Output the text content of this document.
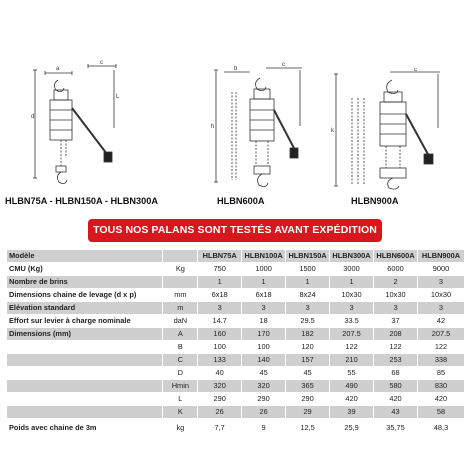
d
a
c
L
h
b
c
k
c
HLBN75A - HLBN150A - HLBN300A	HLBN600A	HLBN900A
TOUS NOS PALANS SONT TESTÉS AVANT EXPÉDITION
Modèle		HLBN75A	HLBN100A	HLBN150A	HLBN300A	HLBN600A	HLBN900A
CMU (Kg)	Kg	750	1000	1500	3000	6000	9000
Nombre de brins		1	1	1	1	2	3
Dimensions chaine de levage (d x p)	mm	6x18	6x18	8x24	10x30	10x30	10x30
Elévation standard	m	3	3	3	3	3	3
Effort sur levier à charge nominale	daN	14.7	18	29.5	33.5	37	42
Dimensions (mm)	A	160	170	182	207.5	208	207.5
	B	100	100	120	122	122	122
	C	133	140	157	210	253	338
	D	40	45	45	55	68	85
	Hmin	320	320	365	490	580	830
	L	290	290	290	420	420	420
	K	26	26	29	39	43	58
Poids avec chaine de 3m	kg	7,7	9	12,5	25,9	35,75	48,3
